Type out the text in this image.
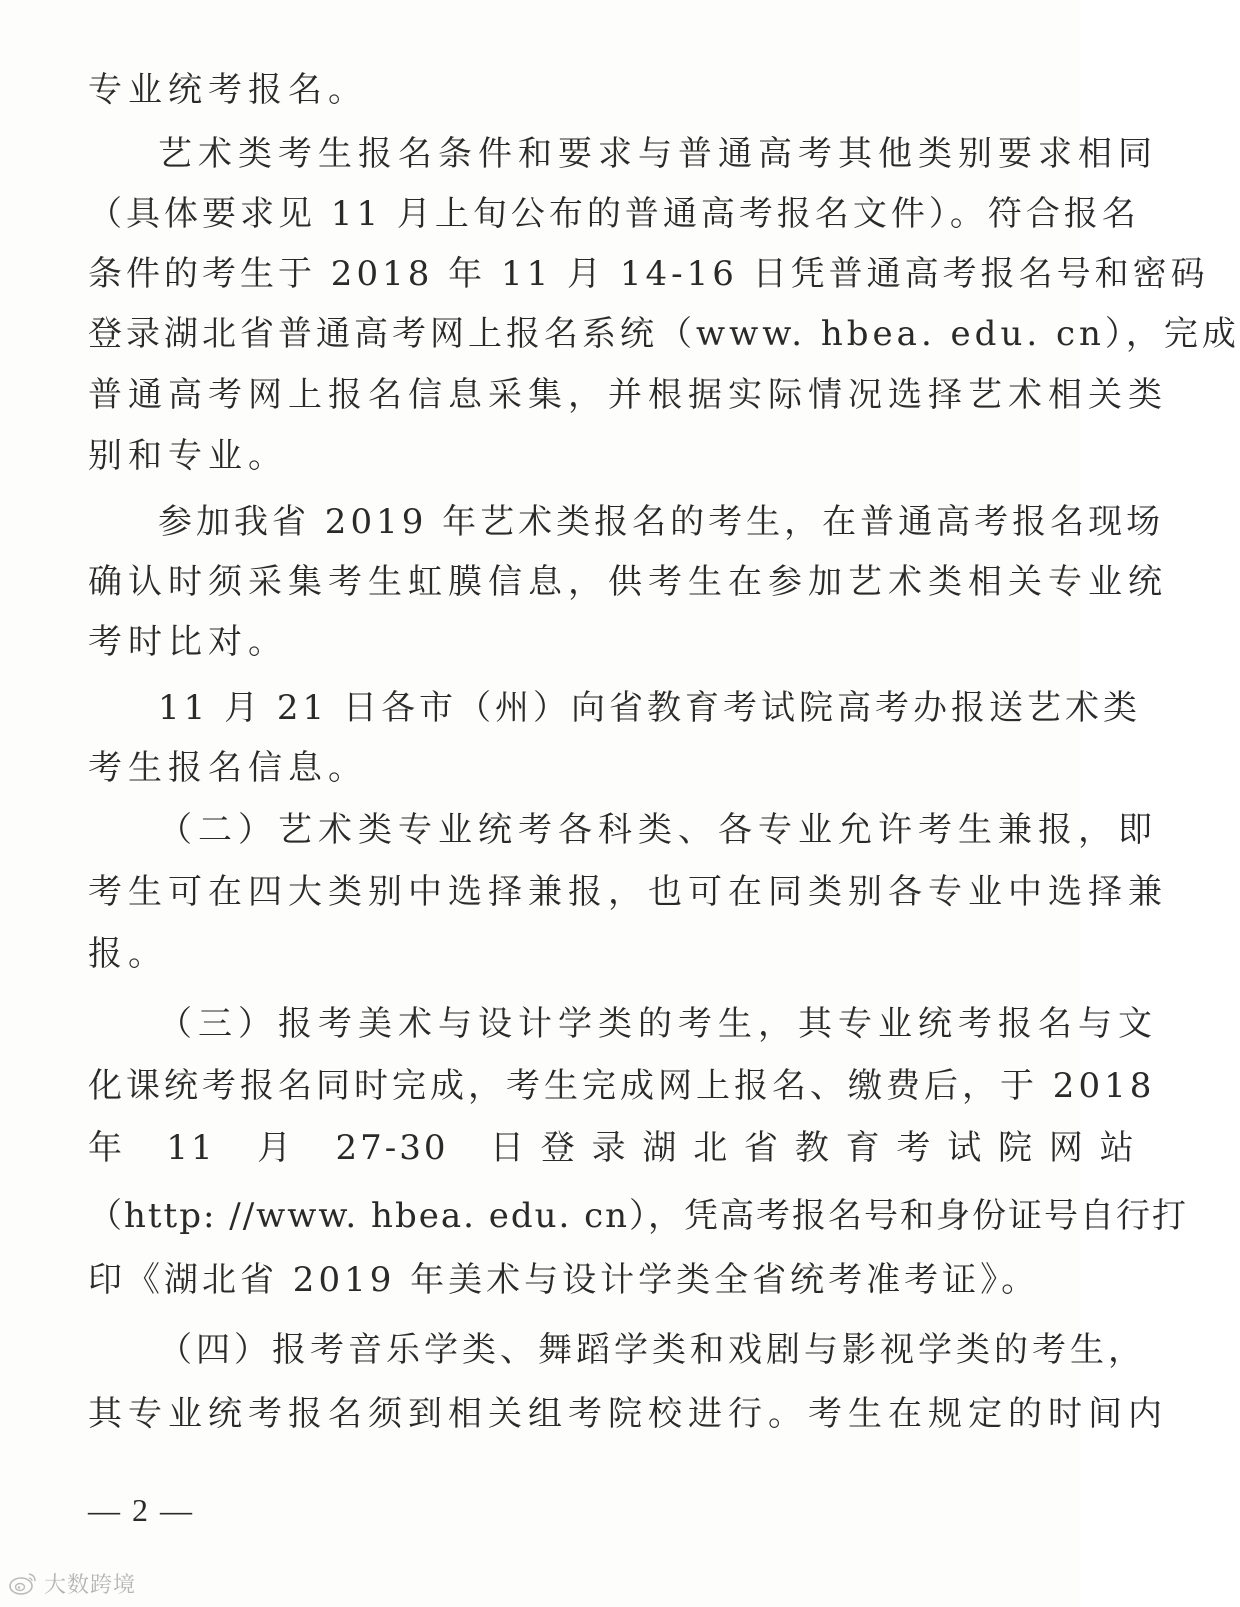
专业统考报名。
艺术类考生报名条件和要求与普通高考其他类别要求相同
（具体要求见 11 月上旬公布的普通高考报名文件）。符合报名
条件的考生于 2018 年 11 月 14-16 日凭普通高考报名号和密码
登录湖北省普通高考网上报名系统（www. hbea. edu. cn），完成
普通高考网上报名信息采集，并根据实际情况选择艺术相关类
别和专业。
参加我省 2019 年艺术类报名的考生，在普通高考报名现场
确认时须采集考生虹膜信息，供考生在参加艺术类相关专业统
考时比对。
11 月 21 日各市（州）向省教育考试院高考办报送艺术类
考生报名信息。
（二）艺术类专业统考各科类、各专业允许考生兼报，即
考生可在四大类别中选择兼报，也可在同类别各专业中选择兼
报。
（三）报考美术与设计学类的考生，其专业统考报名与文
化课统考报名同时完成，考生完成网上报名、缴费后，于 2018
年   11   月   27-30   日 登 录 湖 北 省 教 育 考 试 院 网 站
（http: //www. hbea. edu. cn），凭高考报名号和身份证号自行打
印《湖北省 2019 年美术与设计学类全省统考准考证》。
（四）报考音乐学类、舞蹈学类和戏剧与影视学类的考生，
其专业统考报名须到相关组考院校进行。考生在规定的时间内
— 2 —
大数跨境
